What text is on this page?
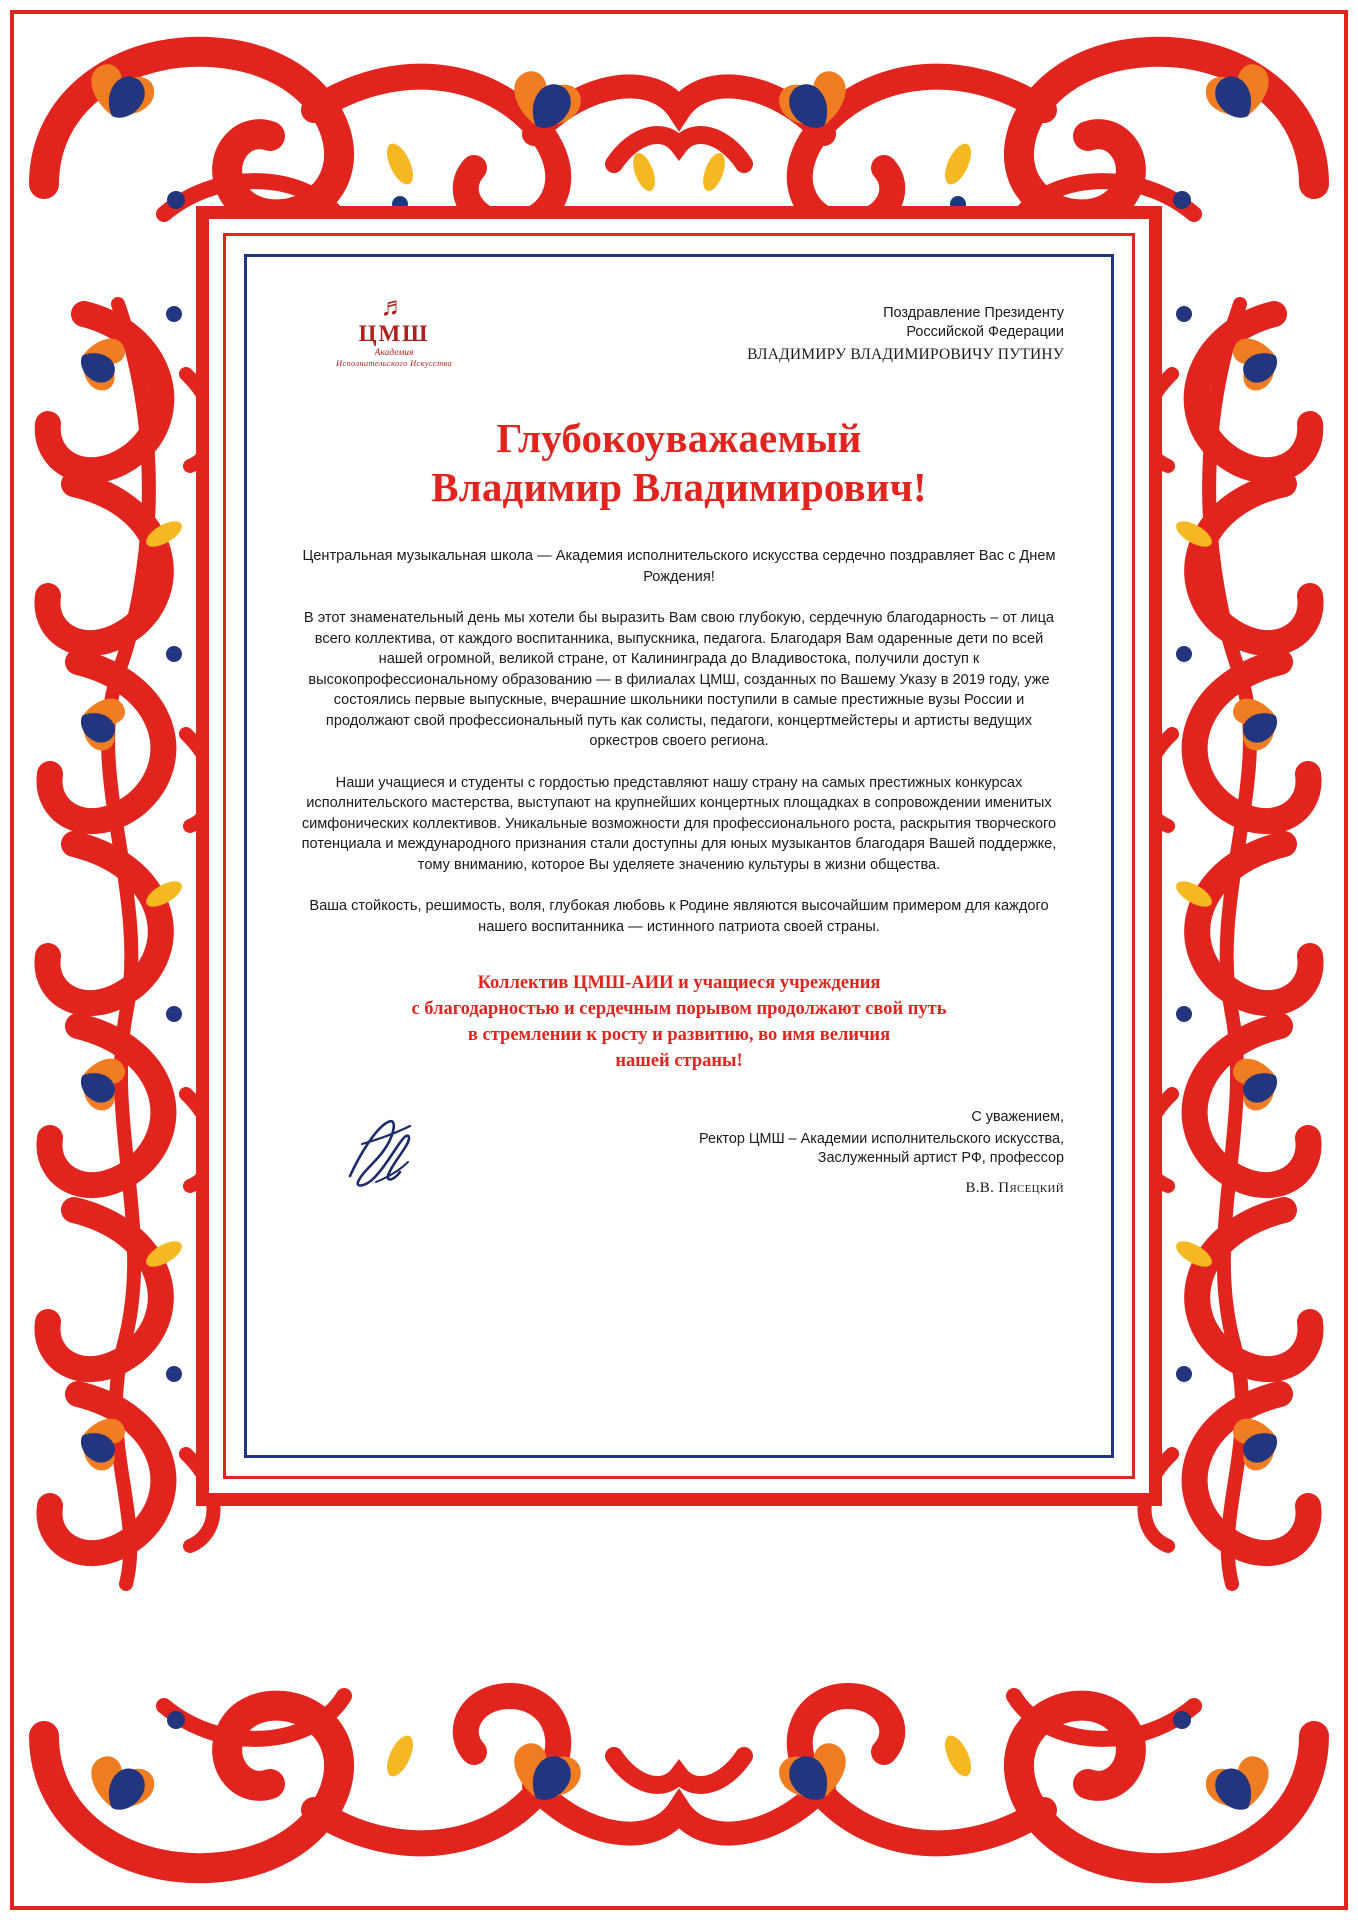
♬
ЦМШ
Академия
Исполнительского Искусства
Поздравление Президенту
Российской Федерации
ВЛАДИМИРУ ВЛАДИМИРОВИЧУ ПУТИНУ
Глубокоуважаемый
Владимир Владимирович!
Центральная музыкальная школа — Академия исполнительского искусства сердечно поздравляет Вас с Днем Рождения!
В этот знаменательный день мы хотели бы выразить Вам свою глубокую, сердечную благодарность – от лица всего коллектива, от каждого воспитанника, выпускника, педагога. Благодаря Вам одаренные дети по всей нашей огромной, великой стране, от Калининграда до Владивостока, получили доступ к высокопрофессиональному образованию — в филиалах ЦМШ, созданных по Вашему Указу в 2019 году, уже состоялись первые выпускные, вчерашние школьники поступили в самые престижные вузы России и продолжают свой профессиональный путь как солисты, педагоги, концертмейстеры и артисты ведущих оркестров своего региона.
Наши учащиеся и студенты с гордостью представляют нашу страну на самых престижных конкурсах исполнительского мастерства, выступают на крупнейших концертных площадках в сопровождении именитых симфонических коллективов. Уникальные возможности для профессионального роста, раскрытия творческого потенциала и международного признания стали доступны для юных музыкантов благодаря Вашей поддержке, тому вниманию, которое Вы уделяете значению культуры в жизни общества.
Ваша стойкость, решимость, воля, глубокая любовь к Родине являются высочайшим примером для каждого нашего воспитанника — истинного патриота своей страны.
Коллектив ЦМШ-АИИ и учащиеся учреждения
с благодарностью и сердечным порывом продолжают свой путь
в стремлении к росту и развитию, во имя величия
нашей страны!
С уважением,
Ректор ЦМШ – Академии исполнительского искусства,
Заслуженный артист РФ, профессор
В.В. Пясецкий
